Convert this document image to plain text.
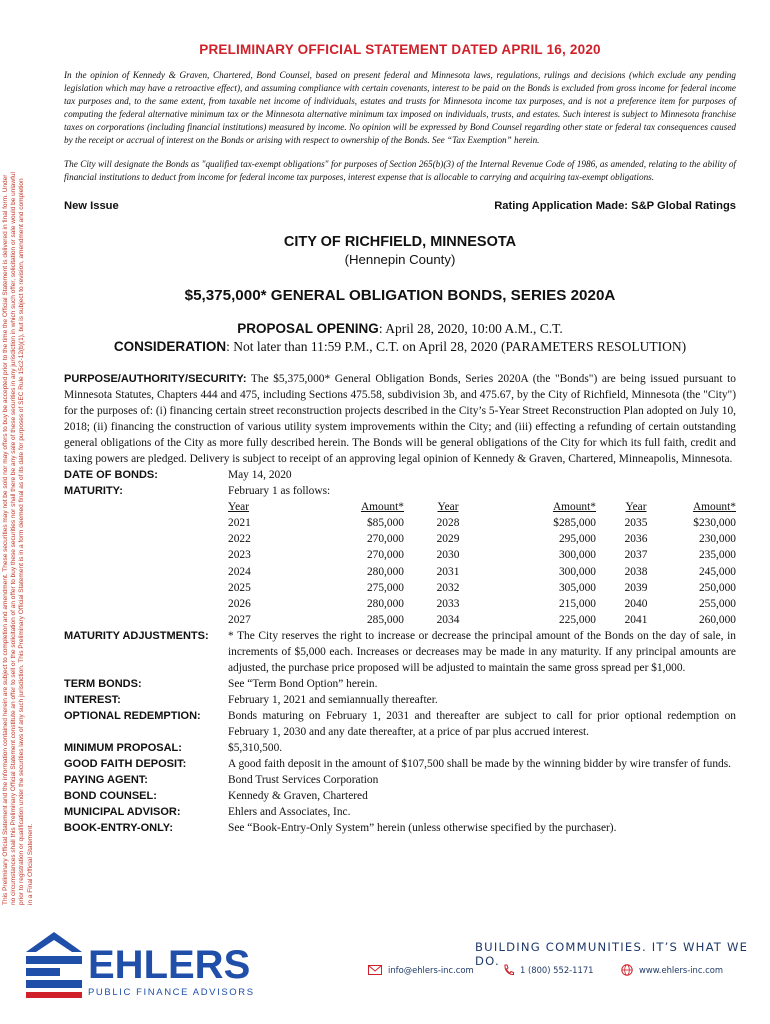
This Preliminary Official Statement and the information contained herein are subject to completion and amendment. These securities may not be sold nor may offers to buy be accepted prior to the time the Official Statement is delivered in final form. Under no circumstances shall this Preliminary Official Statement constitute an offer to sell or the solicitation of an offer to buy these securities nor shall there be any sale of these securities in any jurisdiction in which such offer, solicitation or sale would be unlawful prior to registration or qualification under the securities laws of any such jurisdiction. This Preliminary Official Statement is in a form deemed final as of its date for purposes of SEC Rule 15c2-12(b)(1), but is subject to revision, amendment and completion in a Final Official Statement.
PRELIMINARY OFFICIAL STATEMENT DATED APRIL 16, 2020

In the opinion of Kennedy & Graven, Chartered, Bond Counsel, based on present federal and Minnesota laws, regulations, rulings and decisions (which exclude any pending legislation which may have a retroactive effect), and assuming compliance with certain covenants, interest to be paid on the Bonds is excluded from gross income for federal income tax purposes and, to the same extent, from taxable net income of individuals, estates and trusts for Minnesota income tax purposes, and is not a preference item for purposes of computing the federal alternative minimum tax or the Minnesota alternative minimum tax imposed on individuals, trusts, and estates. Such interest is subject to Minnesota franchise taxes on corporations (including financial institutions) measured by income. No opinion will be expressed by Bond Counsel regarding other state or federal tax consequences caused by the receipt or accrual of interest on the Bonds or arising with respect to ownership of the Bonds. See “Tax Exemption” herein.

The City will designate the Bonds as "qualified tax-exempt obligations" for purposes of Section 265(b)(3) of the Internal Revenue Code of 1986, as amended, relating to the ability of financial institutions to deduct from income for federal income tax purposes, interest expense that is allocable to carrying and acquiring tax-exempt obligations.

New Issue	Rating Application Made: S&P Global Ratings
CITY OF RICHFIELD, MINNESOTA
(Hennepin County)
$5,375,000* GENERAL OBLIGATION BONDS, SERIES 2020A
PROPOSAL OPENING: April 28, 2020, 10:00 A.M., C.T.
CONSIDERATION: Not later than 11:59 P.M., C.T. on April 28, 2020 (PARAMETERS RESOLUTION)
PURPOSE/AUTHORITY/SECURITY: The $5,375,000* General Obligation Bonds, Series 2020A (the "Bonds") are being issued pursuant to Minnesota Statutes, Chapters 444 and 475, including Sections 475.58, subdivision 3b, and 475.67, by the City of Richfield, Minnesota (the "City") for the purposes of: (i) financing certain street reconstruction projects described in the City’s 5-Year Street Reconstruction Plan adopted on July 10, 2018; (ii) financing the construction of various utility system improvements within the City; and (iii) effecting a refunding of certain outstanding general obligations of the City as more fully described herein. The Bonds will be general obligations of the City for which its full faith, credit and taxing powers are pledged. Delivery is subject to receipt of an approving legal opinion of Kennedy & Graven, Chartered, Minneapolis, Minnesota.
DATE OF BONDS:	May 14, 2020
MATURITY:	February 1 as follows:
Year	Amount*	Year	Amount*	Year	Amount*
2021	$85,000	2028	$285,000	2035	$230,000
2022	270,000	2029	295,000	2036	230,000
2023	270,000	2030	300,000	2037	235,000
2024	280,000	2031	300,000	2038	245,000
2025	275,000	2032	305,000	2039	250,000
2026	280,000	2033	215,000	2040	255,000
2027	285,000	2034	225,000	2041	260,000
MATURITY ADJUSTMENTS:	* The City reserves the right to increase or decrease the principal amount of the Bonds on the day of sale, in increments of $5,000 each. Increases or decreases may be made in any maturity. If any principal amounts are adjusted, the purchase price proposed will be adjusted to maintain the same gross spread per $1,000.
TERM BONDS:	See “Term Bond Option” herein.
INTEREST:	February 1, 2021 and semiannually thereafter.
OPTIONAL REDEMPTION:	Bonds maturing on February 1, 2031 and thereafter are subject to call for prior optional redemption on February 1, 2030 and any date thereafter, at a price of par plus accrued interest.
MINIMUM PROPOSAL:	$5,310,500.
GOOD FAITH DEPOSIT:	A good faith deposit in the amount of $107,500 shall be made by the winning bidder by wire transfer of funds.
PAYING AGENT:	Bond Trust Services Corporation
BOND COUNSEL:	Kennedy & Graven, Chartered
MUNICIPAL ADVISOR:	Ehlers and Associates, Inc.
BOOK-ENTRY-ONLY:	See “Book-Entry-Only System” herein (unless otherwise specified by the purchaser).
EHLERS
PUBLIC FINANCE ADVISORS
BUILDING COMMUNITIES. IT’S WHAT WE DO.
info@ehlers-inc.com	1 (800) 552-1171	www.ehlers-inc.com
